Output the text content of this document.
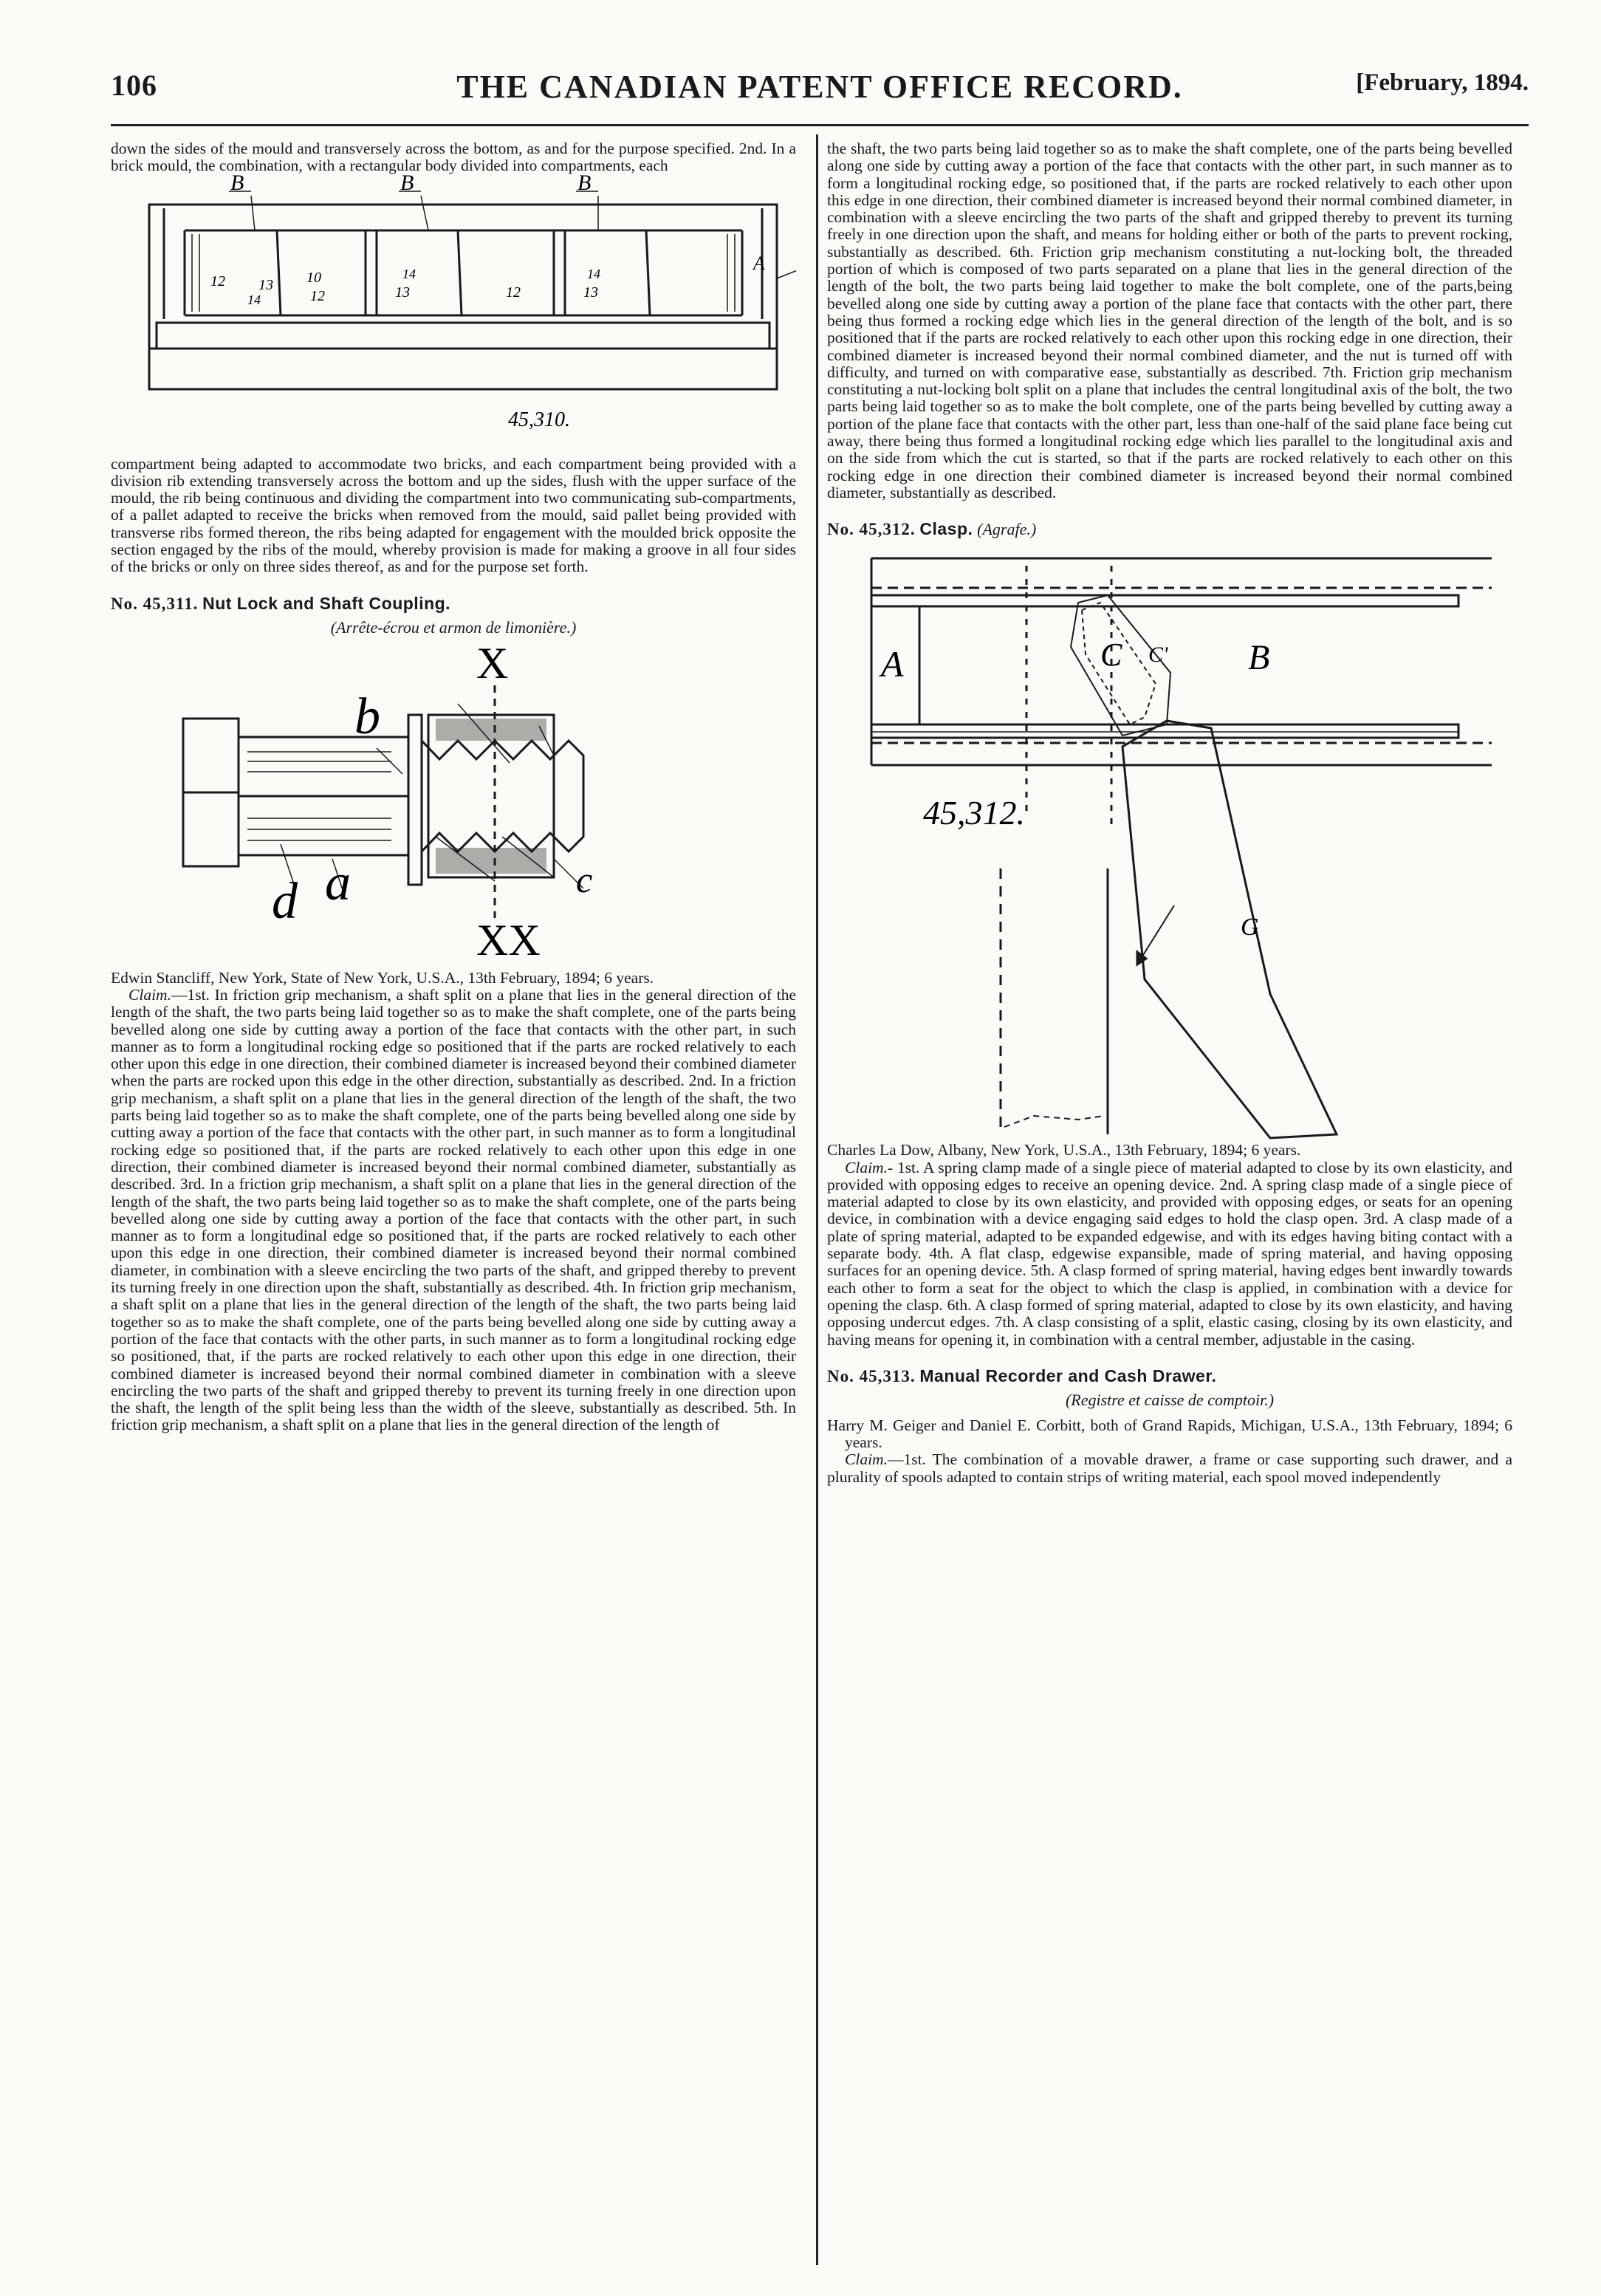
106	THE CANADIAN PATENT OFFICE RECORD.	[February, 1894.

down the sides of the mould and transversely across the bottom, as and for the purpose specified. 2nd. In a brick mould, the combination, with a rectangular body divided into compartments, each

B	B	B
A
12 13
14
10
12
14
13	12
14
13
45,310.

compartment being adapted to accommodate two bricks, and each compartment being provided with a division rib extending transversely across the bottom and up the sides, flush with the upper surface of the mould, the rib being continuous and dividing the compartment into two communicating sub-compartments, of a pallet adapted to receive the bricks when removed from the mould, said pallet being provided with transverse ribs formed thereon, the ribs being adapted for engagement with the moulded brick opposite the section engaged by the ribs of the mould, whereby provision is made for making a groove in all four sides of the bricks or only on three sides thereof, as and for the purpose set forth.

No. 45,311. Nut Lock and Shaft Coupling.
(Arrête-écrou et armon de limonière.)
X
b
d a	c
XX

Edwin Stancliff, New York, State of New York, U.S.A., 13th February, 1894; 6 years.

Claim.—1st. In friction grip mechanism, a shaft split on a plane that lies in the general direction of the length of the shaft, the two parts being laid together so as to make the shaft complete, one of the parts being bevelled along one side by cutting away a portion of the face that contacts with the other part, in such manner as to form a longitudinal rocking edge so positioned that if the parts are rocked relatively to each other upon this edge in one direction, their combined diameter is increased beyond their combined diameter when the parts are rocked upon this edge in the other direction, substantially as described. 2nd. In a friction grip mechanism, a shaft split on a plane that lies in the general direction of the length of the shaft, the two parts being laid together so as to make the shaft complete, one of the parts being bevelled along one side by cutting away a portion of the face that contacts with the other part, in such manner as to form a longitudinal rocking edge so positioned that, if the parts are rocked relatively to each other upon this edge in one direction, their combined diameter is increased beyond their normal combined diameter, substantially as described. 3rd. In a friction grip mechanism, a shaft split on a plane that lies in the general direction of the length of the shaft, the two parts being laid together so as to make the shaft complete, one of the parts being bevelled along one side by cutting away a portion of the face that contacts with the other part, in such manner as to form a longitudinal edge so positioned that, if the parts are rocked relatively to each other upon this edge in one direction, their combined diameter is increased beyond their normal combined diameter, in combination with a sleeve encircling the two parts of the shaft, and gripped thereby to prevent its turning freely in one direction upon the shaft, substantially as described. 4th. In friction grip mechanism, a shaft split on a plane that lies in the general direction of the length of the shaft, the two parts being laid together so as to make the shaft complete, one of the parts being bevelled along one side by cutting away a portion of the face that contacts with the other parts, in such manner as to form a longitudinal rocking edge so positioned, that, if the parts are rocked relatively to each other upon this edge in one direction, their combined diameter is increased beyond their normal combined diameter in combination with a sleeve encircling the two parts of the shaft and gripped thereby to prevent its turning freely in one direction upon the shaft, the length of the split being less than the width of the sleeve, substantially as described. 5th. In friction grip mechanism, a shaft split on a plane that lies in the general direction of the length of

the shaft, the two parts being laid together so as to make the shaft complete, one of the parts being bevelled along one side by cutting away a portion of the face that contacts with the other part, in such manner as to form a longitudinal rocking edge, so positioned that, if the parts are rocked relatively to each other upon this edge in one direction, their combined diameter is increased beyond their normal combined diameter, in combination with a sleeve encircling the two parts of the shaft and gripped thereby to prevent its turning freely in one direction upon the shaft, and means for holding either or both of the parts to prevent rocking, substantially as described. 6th. Friction grip mechanism constituting a nut-locking bolt, the threaded portion of which is composed of two parts separated on a plane that lies in the general direction of the length of the bolt, the two parts being laid together to make the bolt complete, one of the parts,being bevelled along one side by cutting away a portion of the plane face that contacts with the other part, there being thus formed a rocking edge which lies in the general direction of the length of the bolt, and is so positioned that if the parts are rocked relatively to each other upon this rocking edge in one direction, their combined diameter is increased beyond their normal combined diameter, and the nut is turned off with difficulty, and turned on with comparative ease, substantially as described. 7th. Friction grip mechanism constituting a nut-locking bolt split on a plane that includes the central longitudinal axis of the bolt, the two parts being laid together so as to make the bolt complete, one of the parts being bevelled by cutting away a portion of the plane face that contacts with the other part, less than one-half of the said plane face being cut away, there being thus formed a longitudinal rocking edge which lies parallel to the longitudinal axis and on the side from which the cut is started, so that if the parts are rocked relatively to each other on this rocking edge in one direction their combined diameter is increased beyond their normal combined diameter, substantially as described.

No. 45,312. Clasp. (Agrafe.)
A	C C' B
G
45,312.

Charles La Dow, Albany, New York, U.S.A., 13th February, 1894; 6 years.

Claim.- 1st. A spring clamp made of a single piece of material adapted to close by its own elasticity, and provided with opposing edges to receive an opening device. 2nd. A spring clasp made of a single piece of material adapted to close by its own elasticity, and provided with opposing edges, or seats for an opening device, in combination with a device engaging said edges to hold the clasp open. 3rd. A clasp made of a plate of spring material, adapted to be expanded edgewise, and with its edges having biting contact with a separate body. 4th. A flat clasp, edgewise expansible, made of spring material, and having opposing surfaces for an opening device. 5th. A clasp formed of spring material, having edges bent inwardly towards each other to form a seat for the object to which the clasp is applied, in combination with a device for opening the clasp. 6th. A clasp formed of spring material, adapted to close by its own elasticity, and having opposing undercut edges. 7th. A clasp consisting of a split, elastic casing, closing by its own elasticity, and having means for opening it, in combination with a central member, adjustable in the casing.

No. 45,313. Manual Recorder and Cash Drawer.
(Registre et caisse de comptoir.)

Harry M. Geiger and Daniel E. Corbitt, both of Grand Rapids, Michigan, U.S.A., 13th February, 1894; 6 years.

Claim.—1st. The combination of a movable drawer, a frame or case supporting such drawer, and a plurality of spools adapted to contain strips of writing material, each spool moved independently
